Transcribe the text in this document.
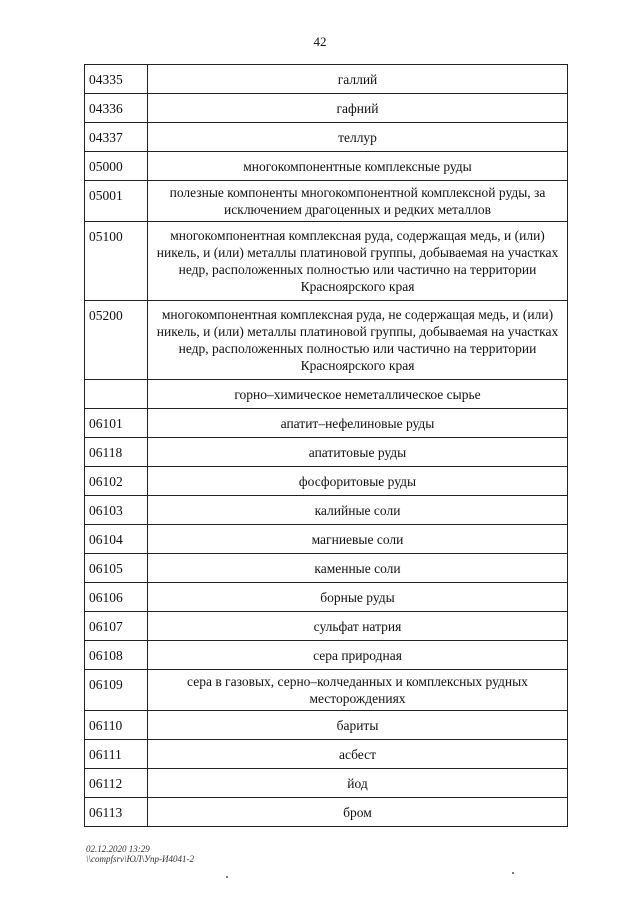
42
04335	галлий
04336	гафний
04337	теллур
05000	многокомпонентные комплексные руды
05001	полезные компоненты многокомпонентной комплексной руды, за исключением драгоценных и редких металлов
05100	многокомпонентная комплексная руда, содержащая медь, и (или) никель, и (или) металлы платиновой группы, добываемая на участках недр, расположенных полностью или частично на территории Красноярского края
05200	многокомпонентная комплексная руда, не содержащая медь, и (или) никель, и (или) металлы платиновой группы, добываемая на участках недр, расположенных полностью или частично на территории Красноярского края
	горно–химическое неметаллическое сырье
06101	апатит–нефелиновые руды
06118	апатитовые руды
06102	фосфоритовые руды
06103	калийные соли
06104	магниевые соли
06105	каменные соли
06106	борные руды
06107	сульфат натрия
06108	сера природная
06109	сера в газовых, серно–колчеданных и комплексных рудных месторождениях
06110	бариты
06111	асбест
06112	йод
06113	бром
02.12.2020 13:29
\\compfsrv\ЮЛ\Упр-И4041-2
